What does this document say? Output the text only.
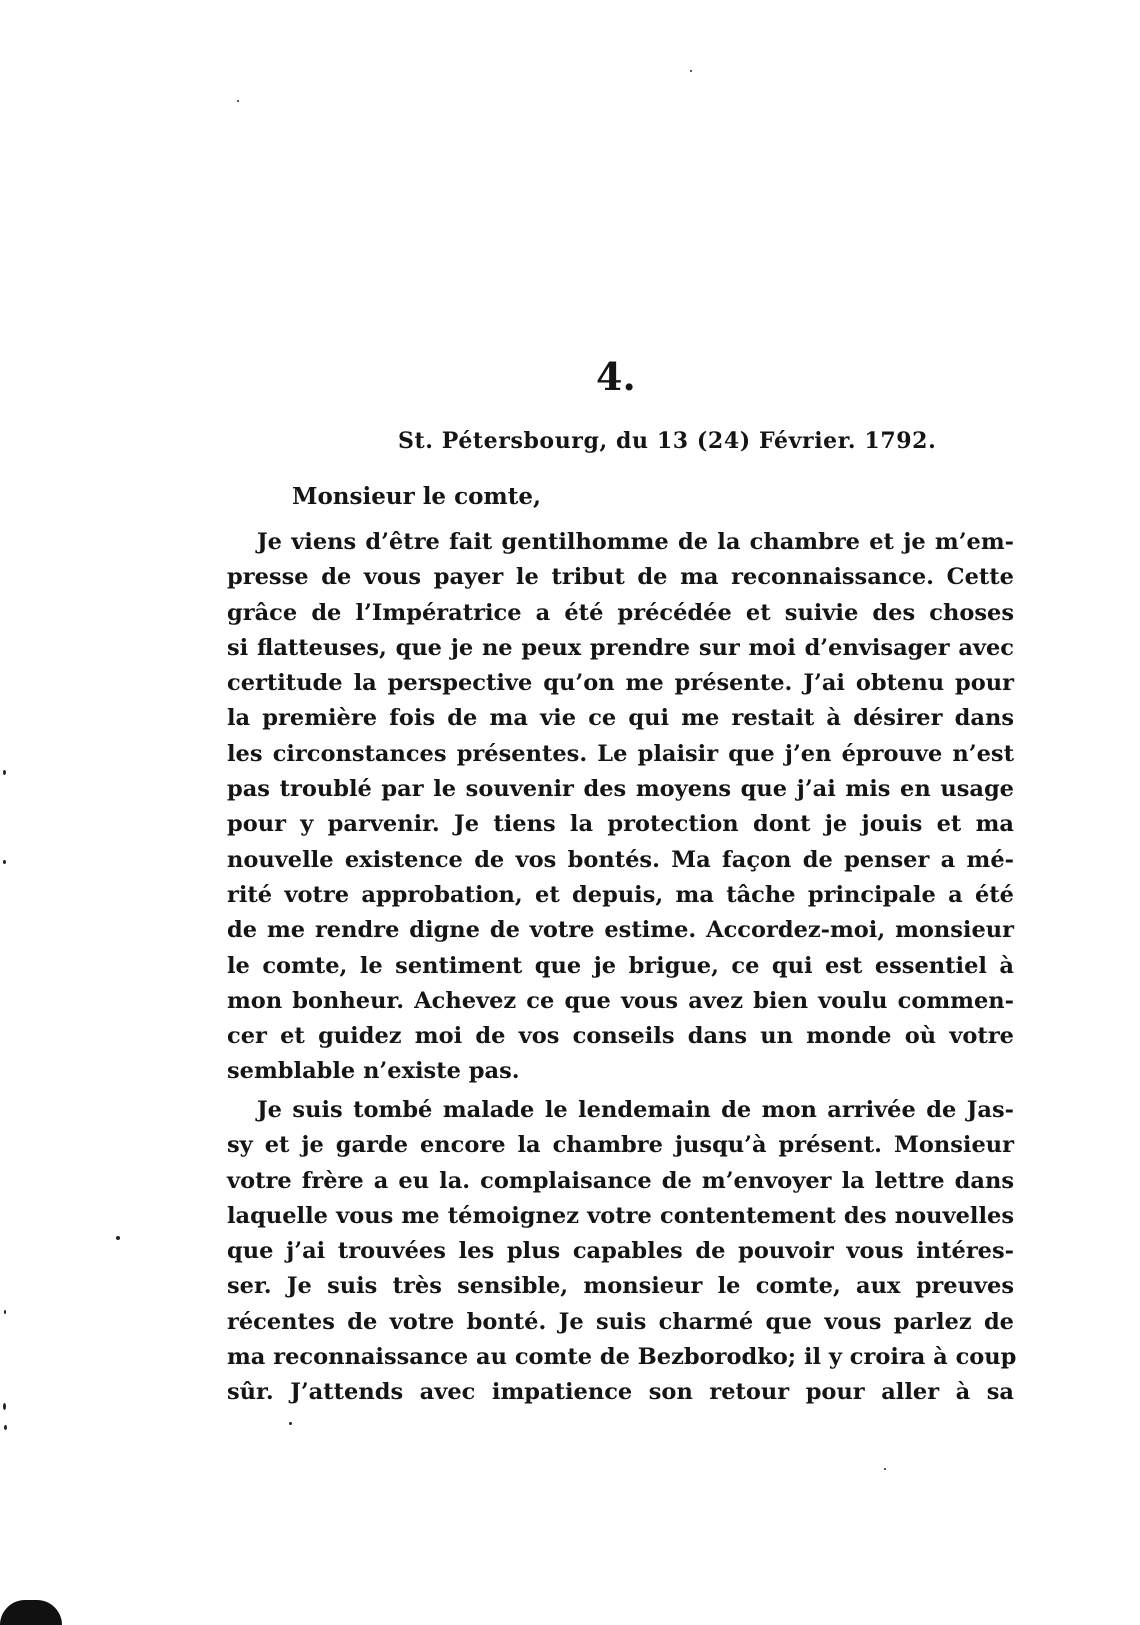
4.
St. Pétersbourg, du 13 (24) Février. 1792.
Monsieur le comte,
Je viens d’être fait gentilhomme de la chambre et je m’em-
presse de vous payer le tribut de ma reconnaissance. Cette
grâce de l’Impératrice a été précédée et suivie des choses
si flatteuses, que je ne peux prendre sur moi d’envisager avec
certitude la perspective qu’on me présente. J’ai obtenu pour
la première fois de ma vie ce qui me restait à désirer dans
les circonstances présentes. Le plaisir que j’en éprouve n’est
pas troublé par le souvenir des moyens que j’ai mis en usage
pour y parvenir. Je tiens la protection dont je jouis et ma
nouvelle existence de vos bontés. Ma façon de penser a mé-
rité votre approbation, et depuis, ma tâche principale a été
de me rendre digne de votre estime. Accordez-moi, monsieur
le comte, le sentiment que je brigue, ce qui est essentiel à
mon bonheur. Achevez ce que vous avez bien voulu commen-
cer et guidez moi de vos conseils dans un monde où votre
semblable n’existe pas.
Je suis tombé malade le lendemain de mon arrivée de Jas-
sy et je garde encore la chambre jusqu’à présent. Monsieur
votre frère a eu la. complaisance de m’envoyer la lettre dans
laquelle vous me témoignez votre contentement des nouvelles
que j’ai trouvées les plus capables de pouvoir vous intéres-
ser. Je suis très sensible, monsieur le comte, aux preuves
récentes de votre bonté. Je suis charmé que vous parlez de
ma reconnaissance au comte de Bezborodko; il y croira à coup
sûr. J’attends avec impatience son retour pour aller à sa
